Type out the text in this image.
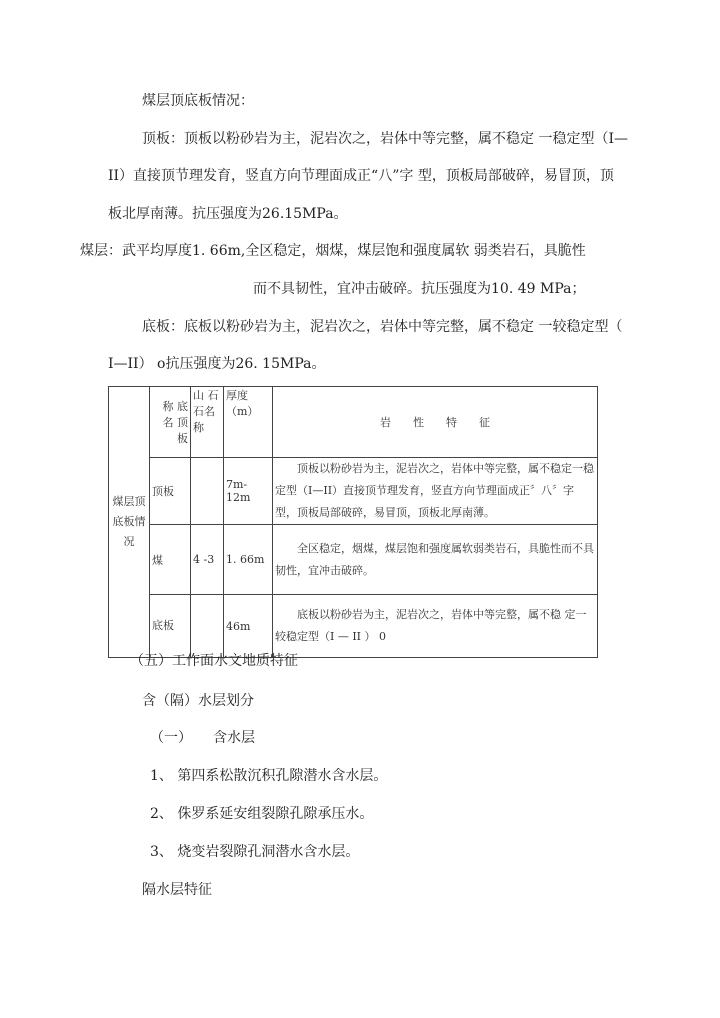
煤层顶底板情况：
顶板：顶板以粉砂岩为主，泥岩次之，岩体中等完整，属不稳定 一稳定型（I—
II）直接顶节理发育，竖直方向节理面成正“八”字 型，顶板局部破碎，易冒顶，顶
板北厚南薄。抗压强度为26.15MPa。
煤层：武平均厚度1. 66m,全区稳定，烟煤，煤层饱和强度属软 弱类岩石，具脆性
而不具韧性，宜冲击破碎。抗压强度为10. 49 MPa；
底板：底板以粉砂岩为主，泥岩次之，岩体中等完整，属不稳定 一较稳定型（
I—II） o抗压强度为26. 15MPa。
煤层顶底板情况	称 底名 顶板	山 石石名称	厚度（m）	岩　　性　　特　　征
	顶板		7m-12m	顶板以粉砂岩为主，泥岩次之，岩体中等完整，属不稳定一稳定型（I—II）直接顶节理发育，竖直方向节理面成正〞八〞字型，顶板局部破碎，易冒顶，顶板北厚南薄。
	煤	4 -3	1. 66m	全区稳定，烟煤，煤层饱和强度属软弱类岩石，具脆性而不具韧性，宜冲击破碎。
	底板		46m	底板以粉砂岩为主，泥岩次之，岩体中等完整，属不稳 定一较稳定型（I — II ） 0
（五）工作面水文地质特征
含（隔）水层划分
（一）　　含水层
1、 第四系松散沉积孔隙潜水含水层。
2、 侏罗系延安组裂隙孔隙承压水。
3、 烧变岩裂隙孔洞潜水含水层。
隔水层特征
